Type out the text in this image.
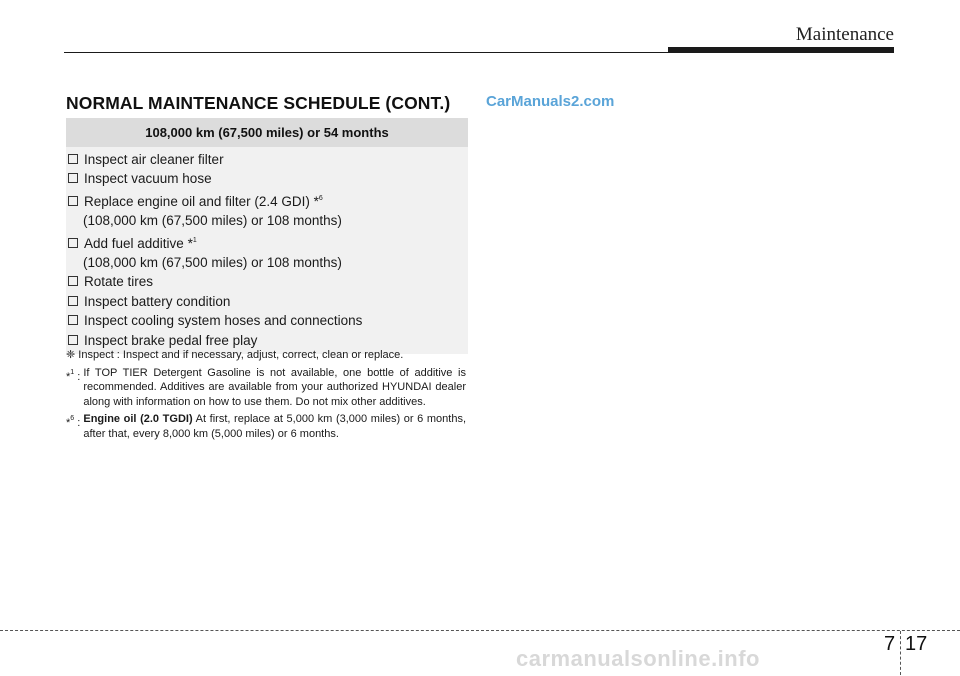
Maintenance
NORMAL MAINTENANCE SCHEDULE (CONT.) CarManuals2.com
108,000 km (67,500 miles) or 54 months
Inspect air cleaner filter
Inspect vacuum hose
Replace engine oil and filter (2.4 GDI) *$^6$
(108,000 km (67,500 miles) or 108 months)
Add fuel additive *$^1$
(108,000 km (67,500 miles) or 108 months)
Rotate tires
Inspect battery condition
Inspect cooling system hoses and connections
Inspect brake pedal free play
❈ Inspect : Inspect and if necessary, adjust, correct, clean or replace.
*$^1$ : If TOP TIER Detergent Gasoline is not available, one bottle of additive is recommended. Additives are available from your authorized HYUNDAI dealer along with information on how to use them. Do not mix other additives.
*$^6$ : Engine oil (2.0 TGDI) At first, replace at 5,000 km (3,000 miles) or 6 months, after that, every 8,000 km (5,000 miles) or 6 months.
7 17
carmanualsonline.info
